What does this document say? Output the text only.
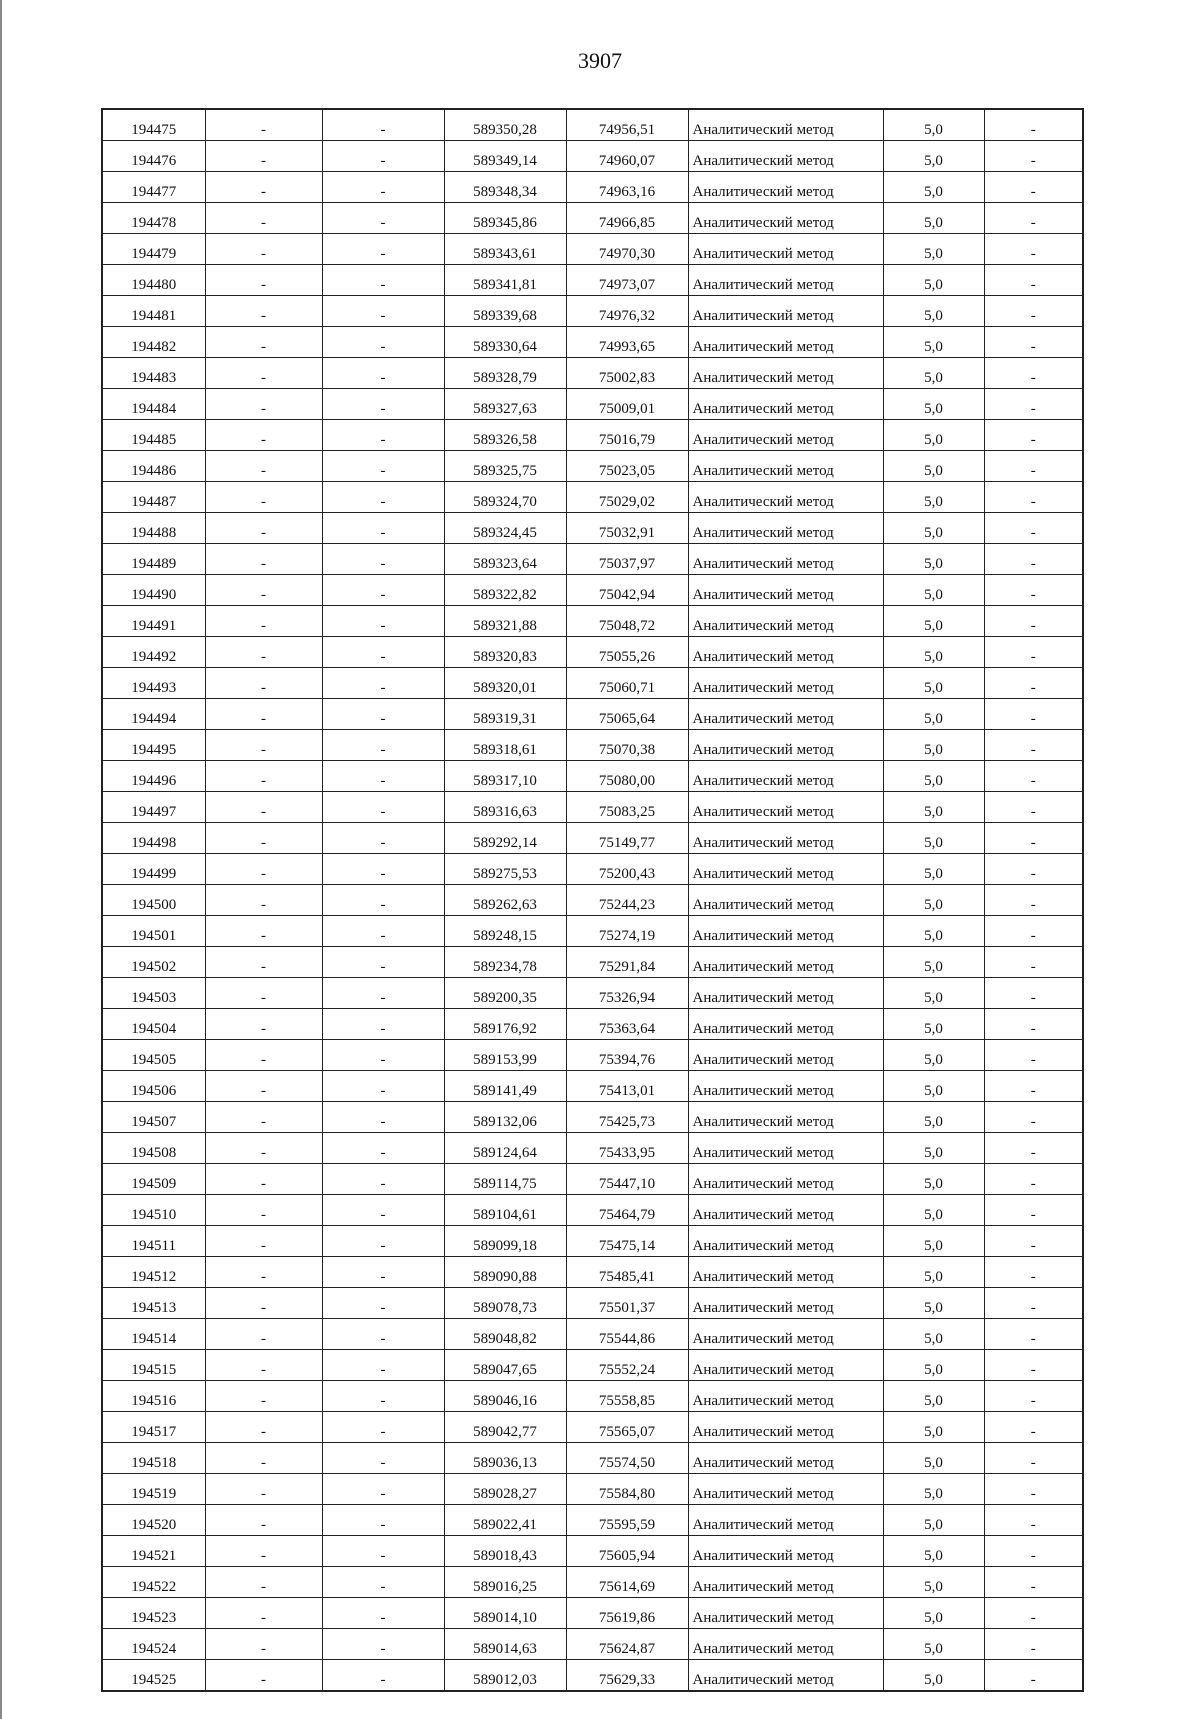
3907
194475	-	-	589350,28	74956,51	Аналитический метод	5,0	-
194476	-	-	589349,14	74960,07	Аналитический метод	5,0	-
194477	-	-	589348,34	74963,16	Аналитический метод	5,0	-
194478	-	-	589345,86	74966,85	Аналитический метод	5,0	-
194479	-	-	589343,61	74970,30	Аналитический метод	5,0	-
194480	-	-	589341,81	74973,07	Аналитический метод	5,0	-
194481	-	-	589339,68	74976,32	Аналитический метод	5,0	-
194482	-	-	589330,64	74993,65	Аналитический метод	5,0	-
194483	-	-	589328,79	75002,83	Аналитический метод	5,0	-
194484	-	-	589327,63	75009,01	Аналитический метод	5,0	-
194485	-	-	589326,58	75016,79	Аналитический метод	5,0	-
194486	-	-	589325,75	75023,05	Аналитический метод	5,0	-
194487	-	-	589324,70	75029,02	Аналитический метод	5,0	-
194488	-	-	589324,45	75032,91	Аналитический метод	5,0	-
194489	-	-	589323,64	75037,97	Аналитический метод	5,0	-
194490	-	-	589322,82	75042,94	Аналитический метод	5,0	-
194491	-	-	589321,88	75048,72	Аналитический метод	5,0	-
194492	-	-	589320,83	75055,26	Аналитический метод	5,0	-
194493	-	-	589320,01	75060,71	Аналитический метод	5,0	-
194494	-	-	589319,31	75065,64	Аналитический метод	5,0	-
194495	-	-	589318,61	75070,38	Аналитический метод	5,0	-
194496	-	-	589317,10	75080,00	Аналитический метод	5,0	-
194497	-	-	589316,63	75083,25	Аналитический метод	5,0	-
194498	-	-	589292,14	75149,77	Аналитический метод	5,0	-
194499	-	-	589275,53	75200,43	Аналитический метод	5,0	-
194500	-	-	589262,63	75244,23	Аналитический метод	5,0	-
194501	-	-	589248,15	75274,19	Аналитический метод	5,0	-
194502	-	-	589234,78	75291,84	Аналитический метод	5,0	-
194503	-	-	589200,35	75326,94	Аналитический метод	5,0	-
194504	-	-	589176,92	75363,64	Аналитический метод	5,0	-
194505	-	-	589153,99	75394,76	Аналитический метод	5,0	-
194506	-	-	589141,49	75413,01	Аналитический метод	5,0	-
194507	-	-	589132,06	75425,73	Аналитический метод	5,0	-
194508	-	-	589124,64	75433,95	Аналитический метод	5,0	-
194509	-	-	589114,75	75447,10	Аналитический метод	5,0	-
194510	-	-	589104,61	75464,79	Аналитический метод	5,0	-
194511	-	-	589099,18	75475,14	Аналитический метод	5,0	-
194512	-	-	589090,88	75485,41	Аналитический метод	5,0	-
194513	-	-	589078,73	75501,37	Аналитический метод	5,0	-
194514	-	-	589048,82	75544,86	Аналитический метод	5,0	-
194515	-	-	589047,65	75552,24	Аналитический метод	5,0	-
194516	-	-	589046,16	75558,85	Аналитический метод	5,0	-
194517	-	-	589042,77	75565,07	Аналитический метод	5,0	-
194518	-	-	589036,13	75574,50	Аналитический метод	5,0	-
194519	-	-	589028,27	75584,80	Аналитический метод	5,0	-
194520	-	-	589022,41	75595,59	Аналитический метод	5,0	-
194521	-	-	589018,43	75605,94	Аналитический метод	5,0	-
194522	-	-	589016,25	75614,69	Аналитический метод	5,0	-
194523	-	-	589014,10	75619,86	Аналитический метод	5,0	-
194524	-	-	589014,63	75624,87	Аналитический метод	5,0	-
194525	-	-	589012,03	75629,33	Аналитический метод	5,0	-
